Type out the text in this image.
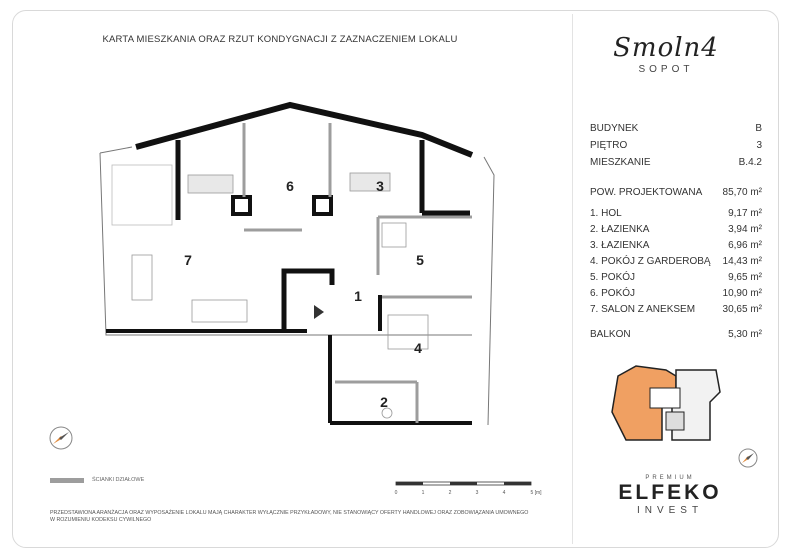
KARTA MIESZKANIA ORAZ RZUT KONDYGNACJI Z ZAZNACZENIEM LOKALU	Smoln4
SOPOT
BUDYNEK	B
PIĘTRO	3
MIESZKANIE	B.4.2
POW. PROJEKTOWANA 85,70 m²
1. HOL	9,17 m²
2. ŁAZIENKA	3,94 m²
3. ŁAZIENKA	6,96 m²
4. POKÓJ Z GARDEROBĄ 14,43 m²
5. POKÓJ	9,65 m²
6. POKÓJ	10,90 m²
7. SALON Z ANEKSEM	30,65 m²
BALKON	5,30 m²
7
6	3
5
1
4
2
ŚCIANKI DZIAŁOWE
0	1	2	3	4	5 [m]
PRZEDSTAWIONA ARANŻACJA ORAZ WYPOSAŻENIE LOKALU MAJĄ CHARAKTER WYŁĄCZNIE PRZYKŁADOWY, NIE STANOWIĄCY OFERTY HANDLOWEJ ORAZ ZOBOWIĄZANIA UMOWNEGO
W ROZUMIENIU KODEKSU CYWILNEGO
PREMIUM
ELFEKO
INVEST
